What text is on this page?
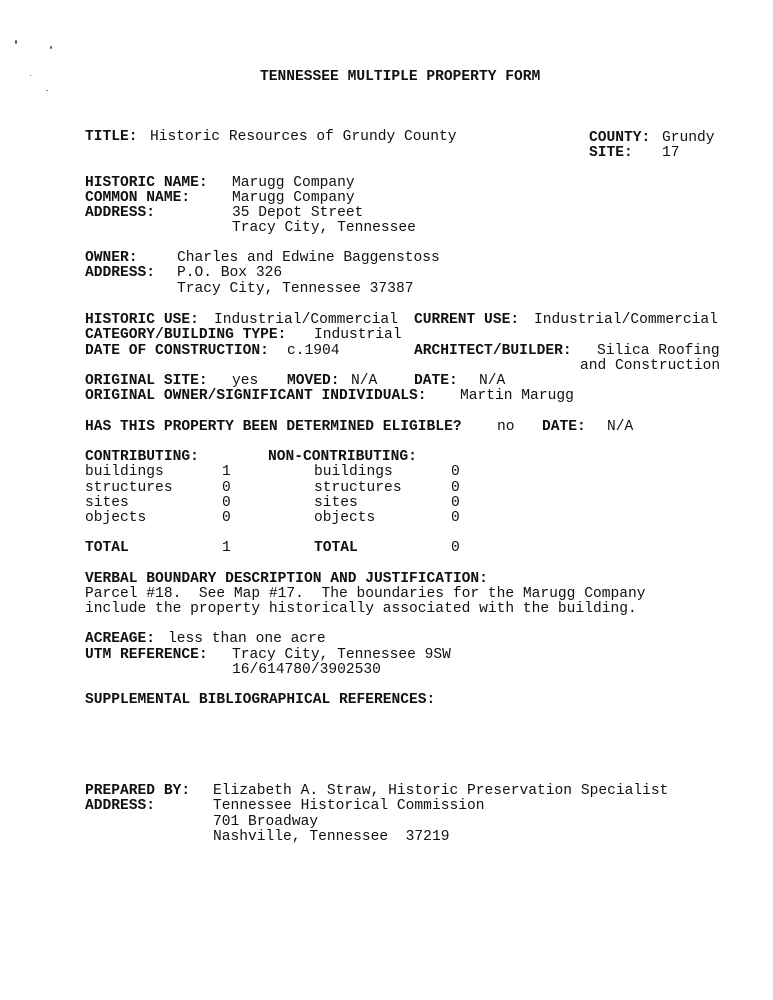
TENNESSEE MULTIPLE PROPERTY FORM
TITLE: Historic Resources of Grundy County	COUNTY: Grundy
SITE: 17
HISTORIC NAME: Marugg Company
COMMON NAME:	Marugg Company
ADDRESS:	35 Depot Street
Tracy City, Tennessee
OWNER:	Charles and Edwine Baggenstoss
ADDRESS: P.O. Box 326
Tracy City, Tennessee 37387
HISTORIC USE: Industrial/Commercial CURRENT USE: Industrial/Commercial
CATEGORY/BUILDING TYPE: Industrial
DATE OF CONSTRUCTION: c.1904	ARCHITECT/BUILDER: Silica Roofing
and Construction
ORIGINAL SITE: yes MOVED: N/A	DATE: N/A
ORIGINAL OWNER/SIGNIFICANT INDIVIDUALS: Martin Marugg
HAS THIS PROPERTY BEEN DETERMINED ELIGIBLE? no DATE: N/A
CONTRIBUTING:	NON-CONTRIBUTING:
buildings	1	buildings	0
structures	0	structures	0
sites	0	sites	0
objects	0	objects	0
TOTAL	1	TOTAL	0
VERBAL BOUNDARY DESCRIPTION AND JUSTIFICATION:
Parcel #18.  See Map #17.  The boundaries for the Marugg Company
include the property historically associated with the building.
ACREAGE: less than one acre
UTM REFERENCE: Tracy City, Tennessee 9SW
16/614780/3902530
SUPPLEMENTAL BIBLIOGRAPHICAL REFERENCES:
PREPARED BY: Elizabeth A. Straw, Historic Preservation Specialist
ADDRESS:	Tennessee Historical Commission
701 Broadway
Nashville, Tennessee  37219
